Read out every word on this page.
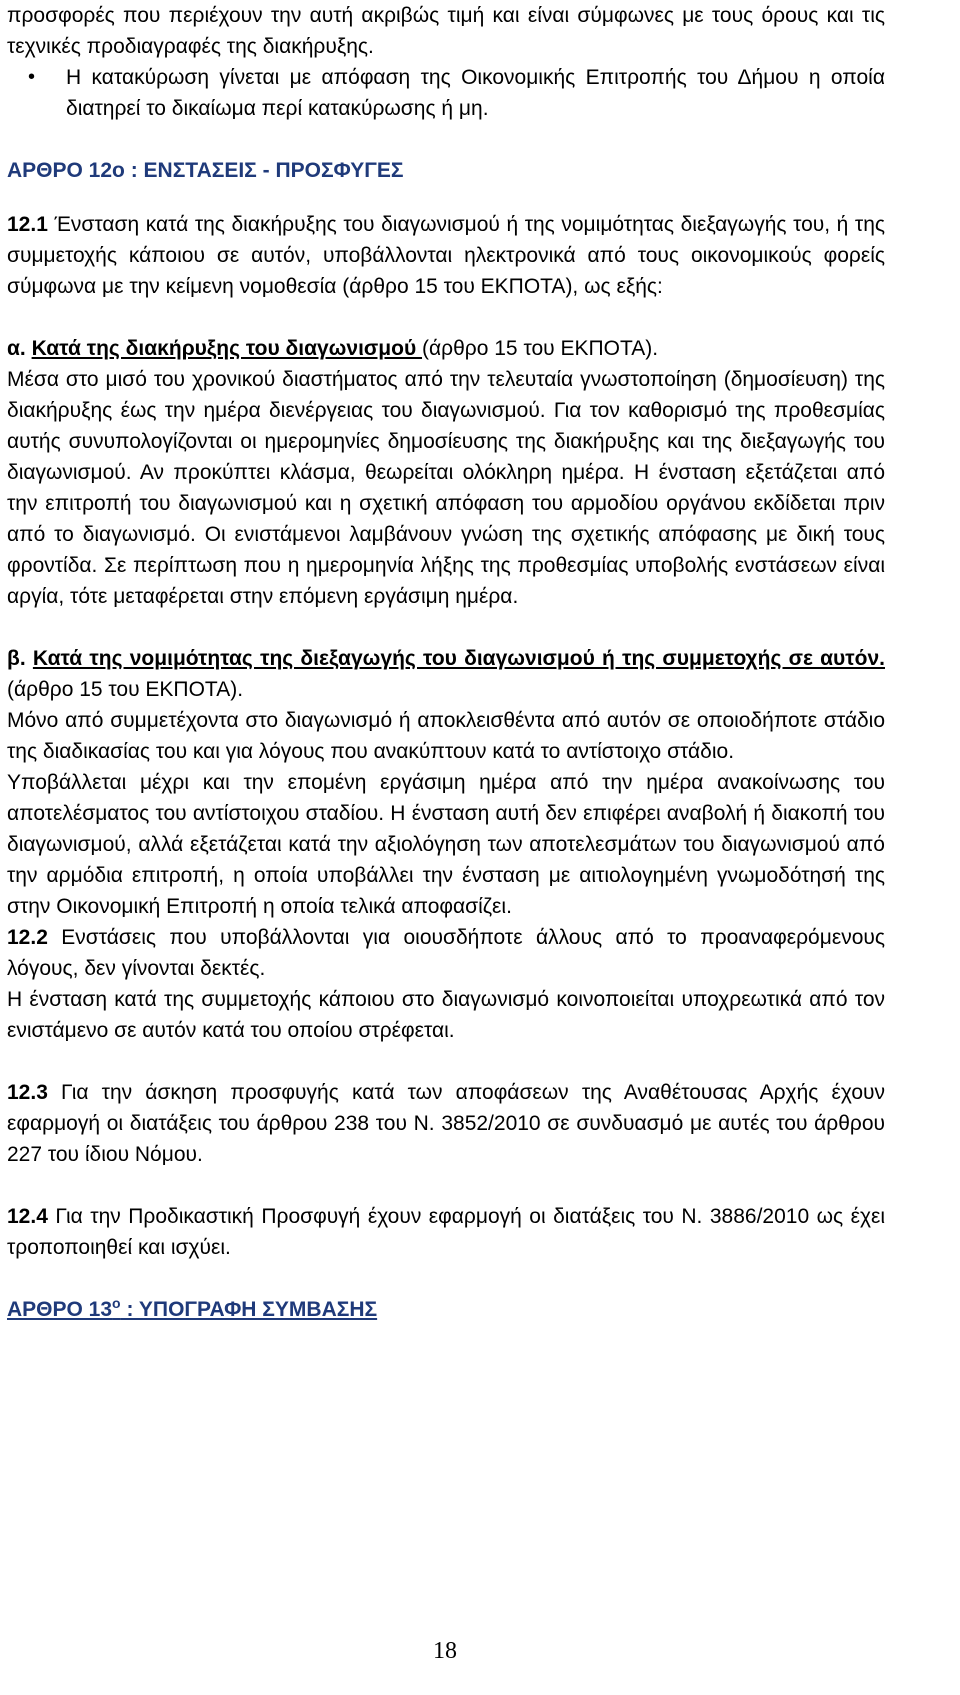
προσφορές που περιέχουν την αυτή ακριβώς τιμή και είναι σύμφωνες με τους όρους και τις τεχνικές προδιαγραφές της διακήρυξης.

• Η κατακύρωση γίνεται με απόφαση της Οικονομικής Επιτροπής του Δήμου η οποία διατηρεί το δικαίωμα περί κατακύρωσης ή μη.

ΑΡΘΡΟ 12ο : ΕΝΣΤΑΣΕΙΣ - ΠΡΟΣΦΥΓΕΣ

12.1 Ένσταση κατά της διακήρυξης του διαγωνισμού ή της νομιμότητας διεξαγωγής του, ή της συμμετοχής κάποιου σε αυτόν, υποβάλλονται ηλεκτρονικά από τους οικονομικούς φορείς σύμφωνα με την κείμενη νομοθεσία (άρθρο 15 του ΕΚΠΟΤΑ), ως εξής:

α. Κατά της διακήρυξης του διαγωνισμού (άρθρο 15 του ΕΚΠΟΤΑ).

Μέσα στο μισό του χρονικού διαστήματος από την τελευταία γνωστοποίηση (δημοσίευση) της διακήρυξης έως την ημέρα διενέργειας του διαγωνισμού. Για τον καθορισμό της προθεσμίας αυτής συνυπολογίζονται οι ημερομηνίες δημοσίευσης της διακήρυξης και της διεξαγωγής του διαγωνισμού. Αν προκύπτει κλάσμα, θεωρείται ολόκληρη ημέρα. Η ένσταση εξετάζεται από την επιτροπή του διαγωνισμού και η σχετική απόφαση του αρμοδίου οργάνου εκδίδεται πριν από το διαγωνισμό. Οι ενιστάμενοι λαμβάνουν γνώση της σχετικής απόφασης με δική τους φροντίδα. Σε περίπτωση που η ημερομηνία λήξης της προθεσμίας υποβολής ενστάσεων είναι αργία, τότε μεταφέρεται στην επόμενη εργάσιμη ημέρα.

β. Κατά της νομιμότητας της διεξαγωγής του διαγωνισμού ή της συμμετοχής σε αυτόν. (άρθρο 15 του ΕΚΠΟΤΑ).

Μόνο από συμμετέχοντα στο διαγωνισμό ή αποκλεισθέντα από αυτόν σε οποιοδήποτε στάδιο της διαδικασίας του και για λόγους που ανακύπτουν κατά το αντίστοιχο στάδιο.

Υποβάλλεται μέχρι και την επομένη εργάσιμη ημέρα από την ημέρα ανακοίνωσης του αποτελέσματος του αντίστοιχου σταδίου. Η ένσταση αυτή δεν επιφέρει αναβολή ή διακοπή του διαγωνισμού, αλλά εξετάζεται κατά την αξιολόγηση των αποτελεσμάτων του διαγωνισμού από την αρμόδια επιτροπή, η οποία υποβάλλει την ένσταση με αιτιολογημένη γνωμοδότησή της στην Οικονομική Επιτροπή η οποία τελικά αποφασίζει.

12.2 Ενστάσεις που υποβάλλονται για οιουσδήποτε άλλους από το προαναφερόμενους λόγους, δεν γίνονται δεκτές.

Η ένσταση κατά της συμμετοχής κάποιου στο διαγωνισμό κοινοποιείται υποχρεωτικά από τον ενιστάμενο σε αυτόν κατά του οποίου στρέφεται.

12.3 Για την άσκηση προσφυγής κατά των αποφάσεων της Αναθέτουσας Αρχής έχουν εφαρμογή οι διατάξεις του άρθρου 238 του Ν. 3852/2010 σε συνδυασμό με αυτές του άρθρου 227 του ίδιου Νόμου.

12.4 Για την Προδικαστική Προσφυγή έχουν εφαρμογή οι διατάξεις του Ν. 3886/2010 ως έχει τροποποιηθεί και ισχύει.

ΑΡΘΡΟ $13^o$ : ΥΠΟΓΡΑΦΗ ΣΥΜΒΑΣΗΣ

18
